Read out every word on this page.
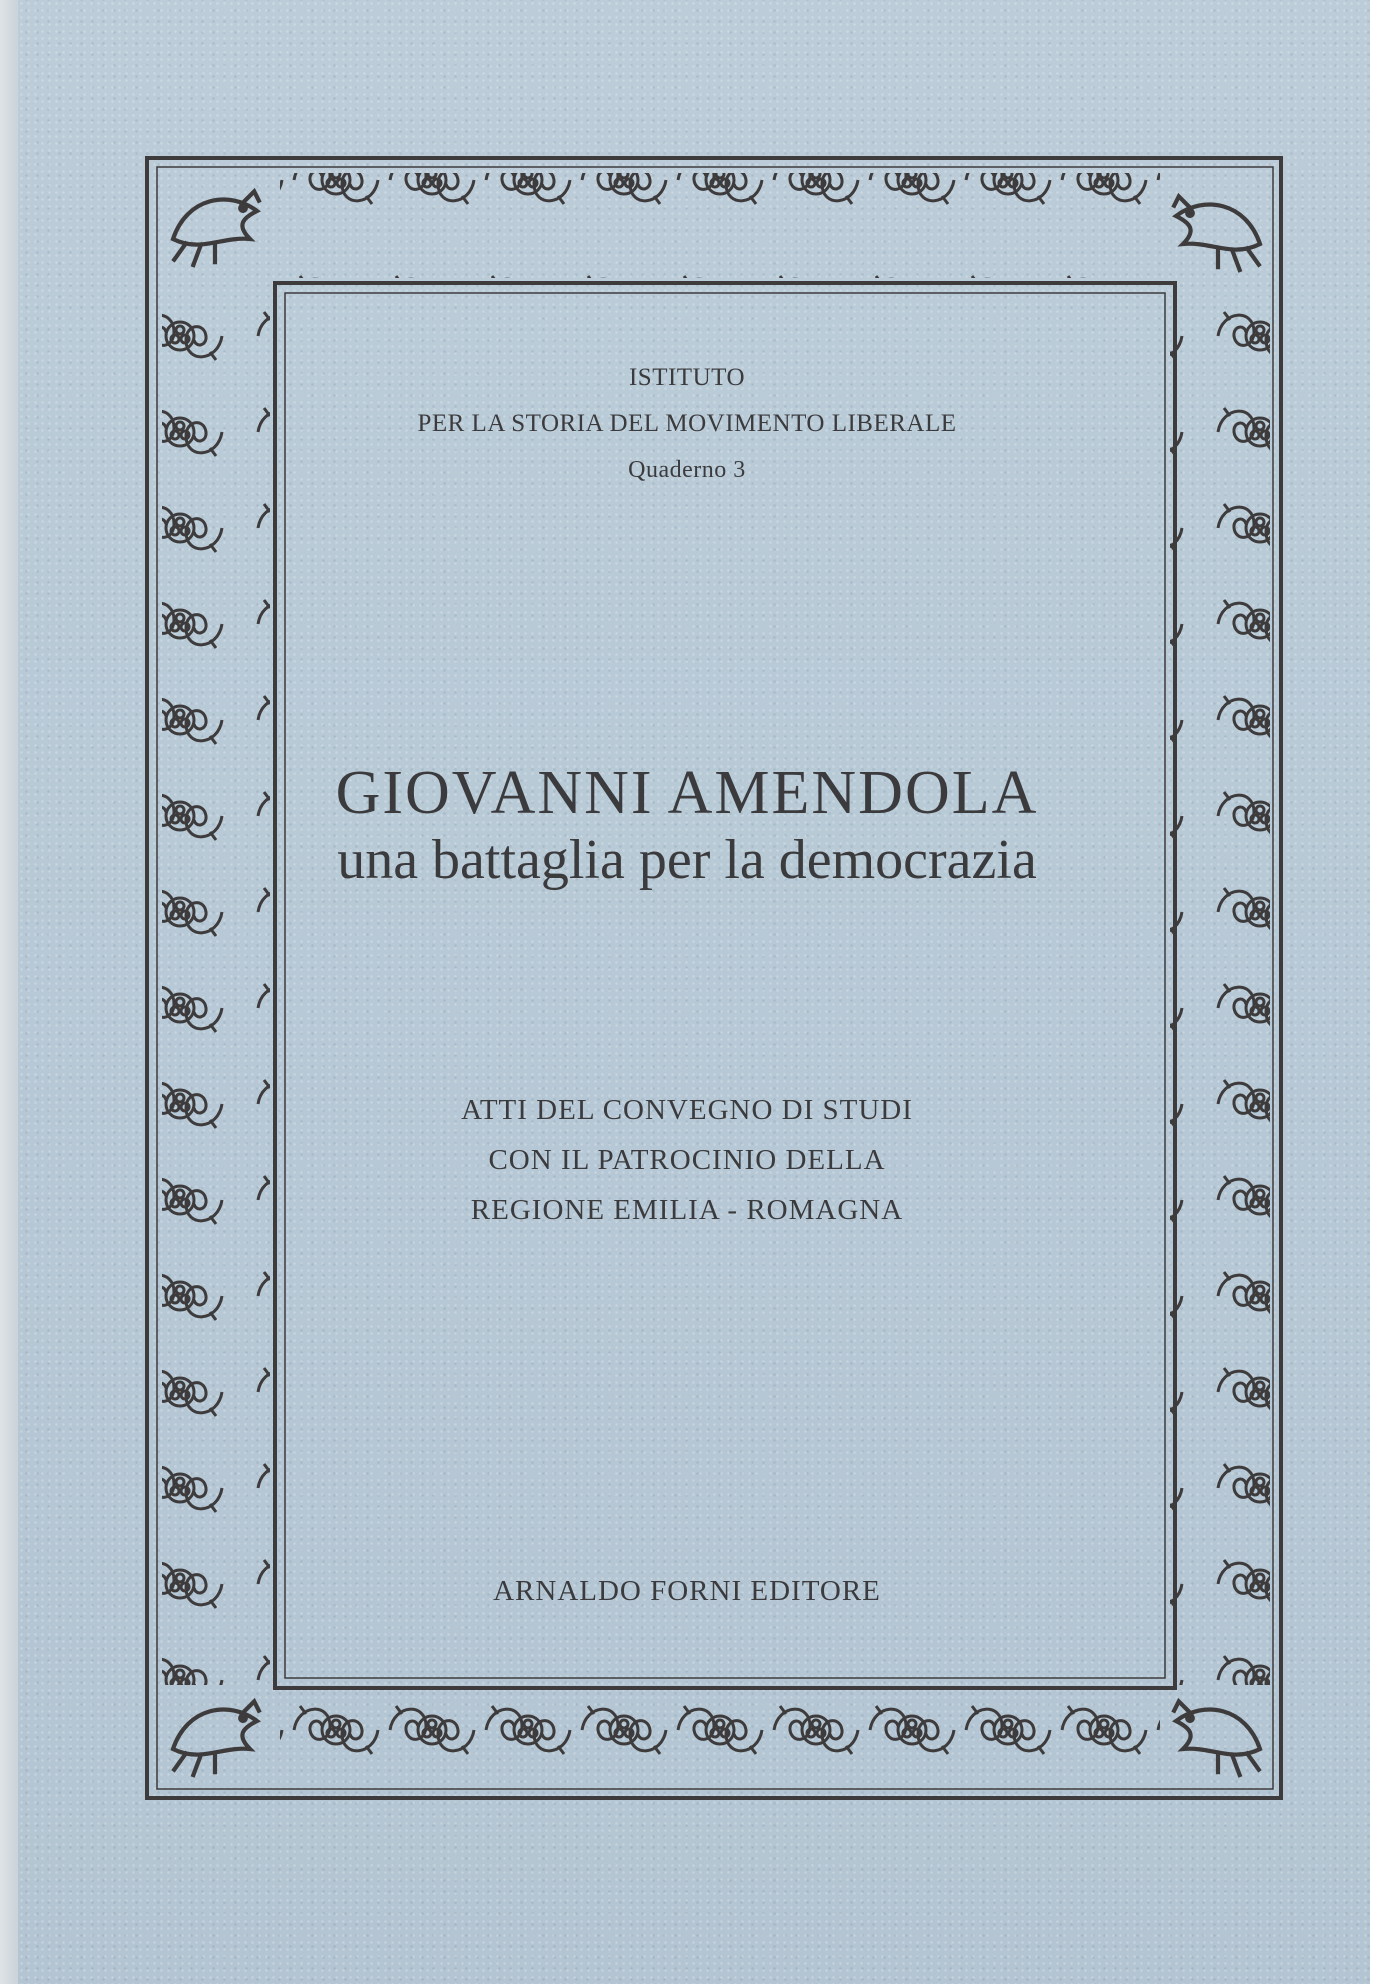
ISTITUTO
PER LA STORIA DEL MOVIMENTO LIBERALE
Quaderno 3
GIOVANNI AMENDOLA
una battaglia per la democrazia
ATTI DEL CONVEGNO DI STUDI
CON IL PATROCINIO DELLA
REGIONE EMILIA - ROMAGNA
ARNALDO FORNI EDITORE
